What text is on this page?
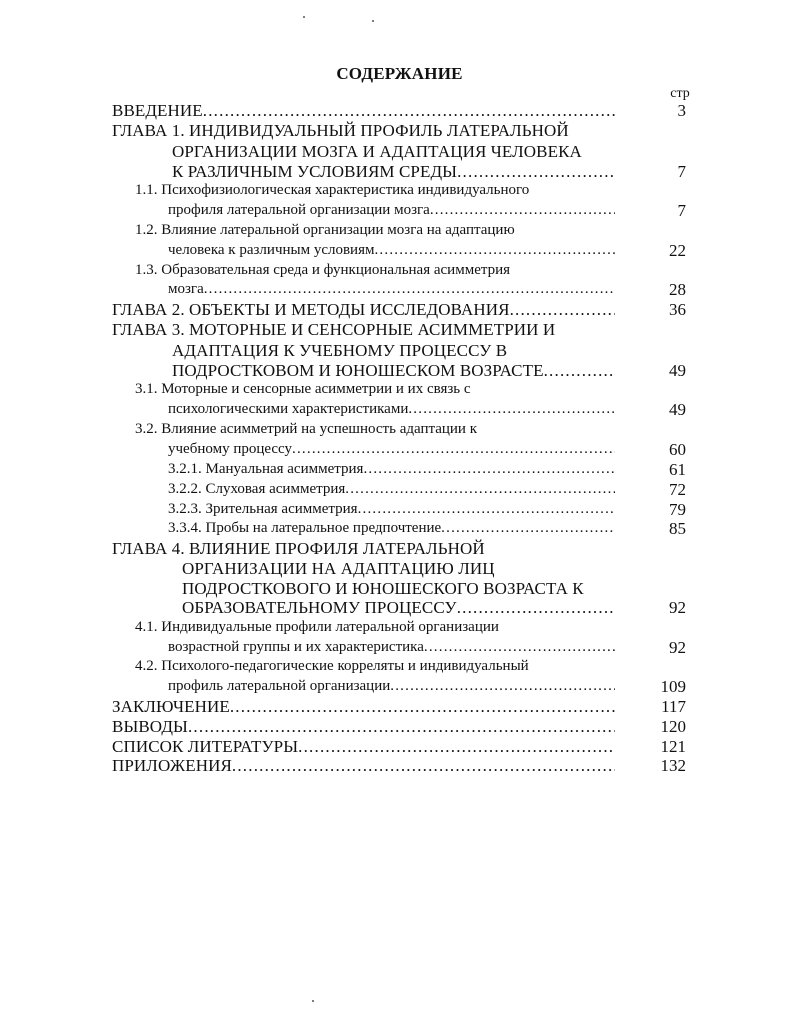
СОДЕРЖАНИЕ
стр
ВВЕДЕНИЕ .....	3
ГЛАВА 1. ИНДИВИДУАЛЬНЫЙ ПРОФИЛЬ ЛАТЕРАЛЬНОЙ
ОРГАНИЗАЦИИ МОЗГА И АДАПТАЦИЯ ЧЕЛОВЕКА
К РАЗЛИЧНЫМ УСЛОВИЯМ СРЕДЫ .....	7
1.1. Психофизиологическая характеристика индивидуального
профиля латеральной организации мозга .....	7
1.2. Влияние латеральной организации мозга на адаптацию
человека к различным условиям .....	22
1.3. Образовательная среда и функциональная асимметрия
мозга .....	28
ГЛАВА 2. ОБЪЕКТЫ И МЕТОДЫ ИССЛЕДОВАНИЯ .....	36
ГЛАВА 3. МОТОРНЫЕ И СЕНСОРНЫЕ АСИММЕТРИИ И
АДАПТАЦИЯ К УЧЕБНОМУ ПРОЦЕССУ В
ПОДРОСТКОВОМ И ЮНОШЕСКОМ ВОЗРАСТЕ .....	49
3.1. Моторные и сенсорные асимметрии и их связь с
психологическими характеристиками .....	49
3.2. Влияние асимметрий на успешность адаптации к
учебному процессу .....	60
3.2.1. Мануальная асимметрия .....	61
3.2.2. Слуховая асимметрия .....	72
3.2.3. Зрительная асимметрия .....	79
3.3.4. Пробы на латеральное предпочтение .....	85
ГЛАВА 4. ВЛИЯНИЕ ПРОФИЛЯ ЛАТЕРАЛЬНОЙ
ОРГАНИЗАЦИИ НА АДАПТАЦИЮ ЛИЦ
ПОДРОСТКОВОГО И ЮНОШЕСКОГО ВОЗРАСТА К
ОБРАЗОВАТЕЛЬНОМУ ПРОЦЕССУ .....	92
4.1. Индивидуальные профили латеральной организации
возрастной группы и их характеристика .....	92
4.2. Психолого-педагогические корреляты и индивидуальный
профиль латеральной организации .....	109
ЗАКЛЮЧЕНИЕ .....	117
ВЫВОДЫ .....	120
СПИСОК ЛИТЕРАТУРЫ .....	121
ПРИЛОЖЕНИЯ .....	132
